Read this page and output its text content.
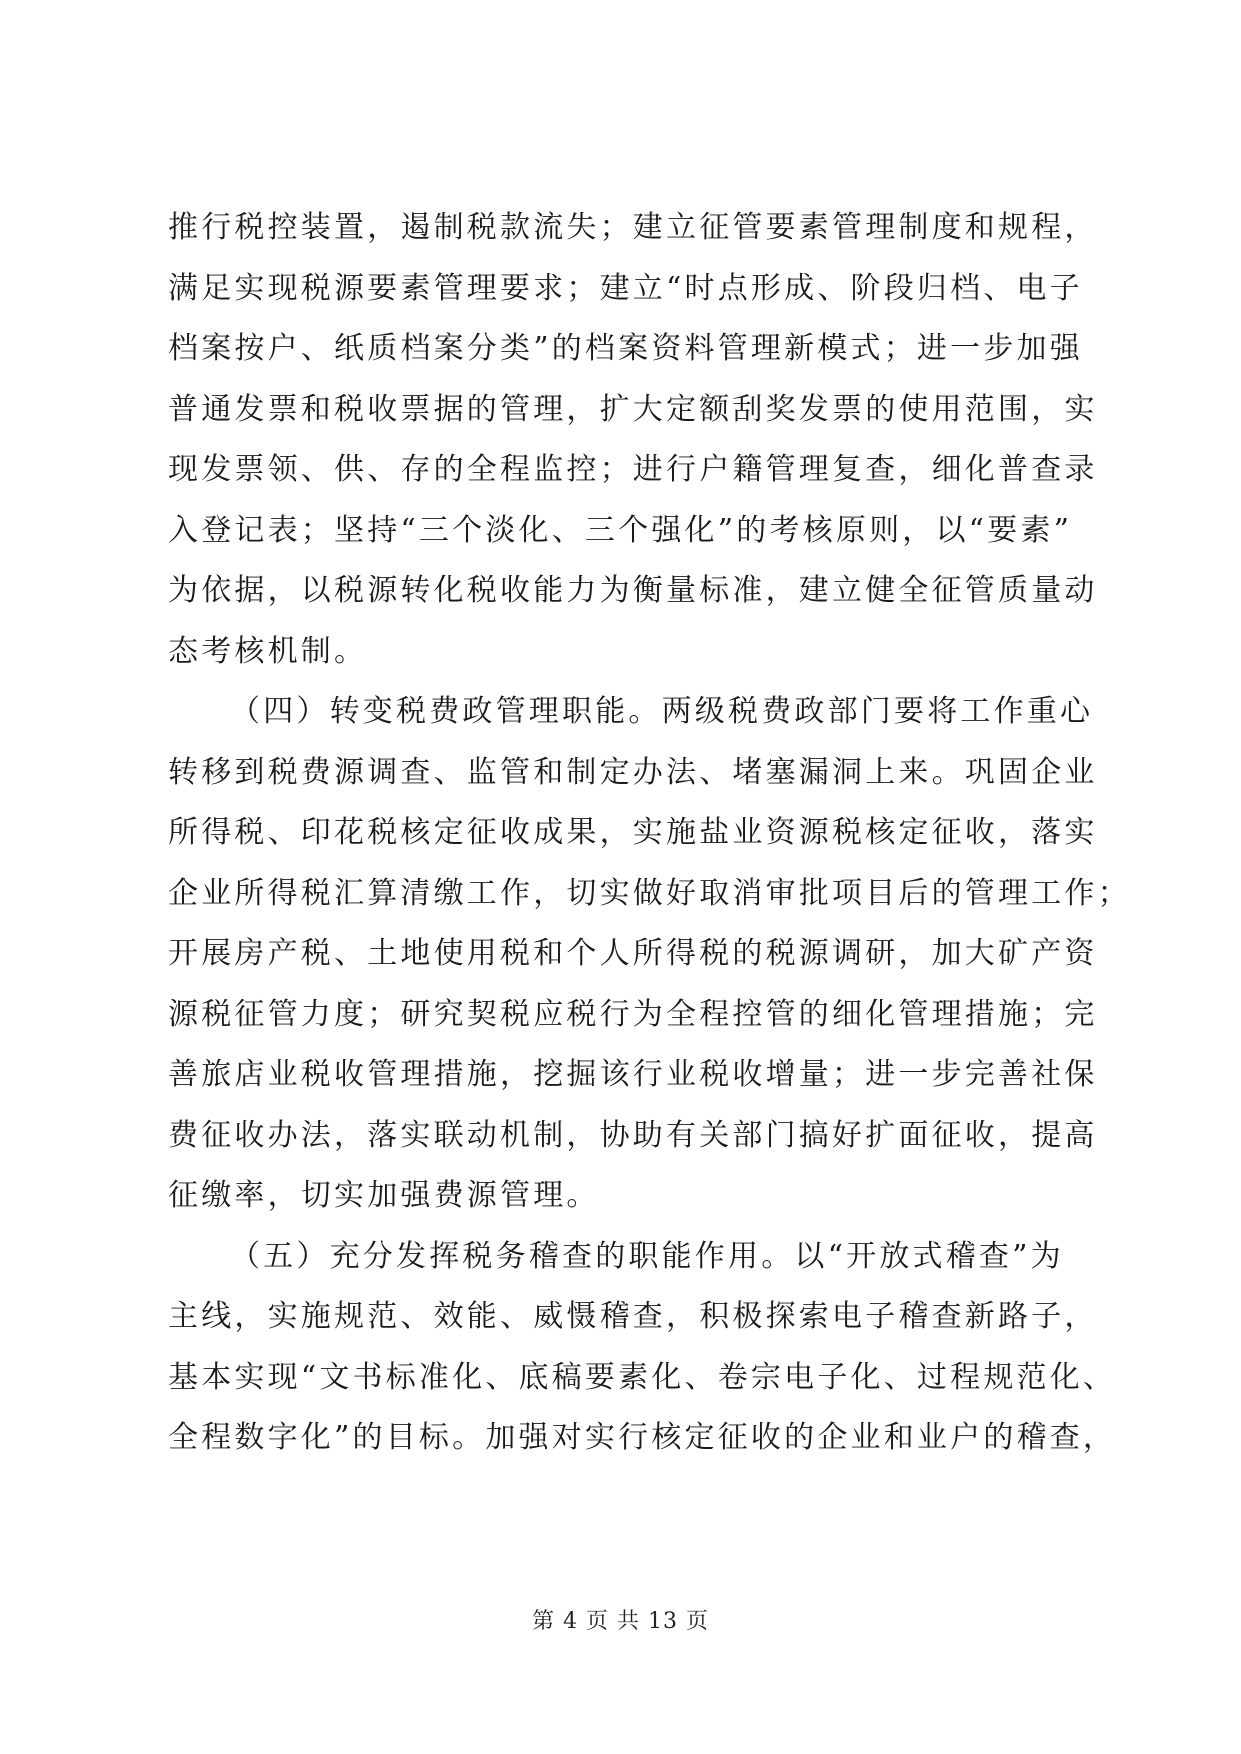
推行税控装置，遏制税款流失；建立征管要素管理制度和规程，
满足实现税源要素管理要求；建立“时点形成、阶段归档、电子
档案按户、纸质档案分类”的档案资料管理新模式；进一步加强
普通发票和税收票据的管理，扩大定额刮奖发票的使用范围，实
现发票领、供、存的全程监控；进行户籍管理复查，细化普查录
入登记表；坚持“三个淡化、三个强化”的考核原则，以“要素”
为依据，以税源转化税收能力为衡量标准，建立健全征管质量动
态考核机制。
（四）转变税费政管理职能。两级税费政部门要将工作重心
转移到税费源调查、监管和制定办法、堵塞漏洞上来。巩固企业
所得税、印花税核定征收成果，实施盐业资源税核定征收，落实
企业所得税汇算清缴工作，切实做好取消审批项目后的管理工作；
开展房产税、土地使用税和个人所得税的税源调研，加大矿产资
源税征管力度；研究契税应税行为全程控管的细化管理措施；完
善旅店业税收管理措施，挖掘该行业税收增量；进一步完善社保
费征收办法，落实联动机制，协助有关部门搞好扩面征收，提高
征缴率，切实加强费源管理。
（五）充分发挥税务稽查的职能作用。以“开放式稽查”为
主线，实施规范、效能、威慑稽查，积极探索电子稽查新路子，
基本实现“文书标准化、底稿要素化、卷宗电子化、过程规范化、
全程数字化”的目标。加强对实行核定征收的企业和业户的稽查，
第 4 页 共 13 页
